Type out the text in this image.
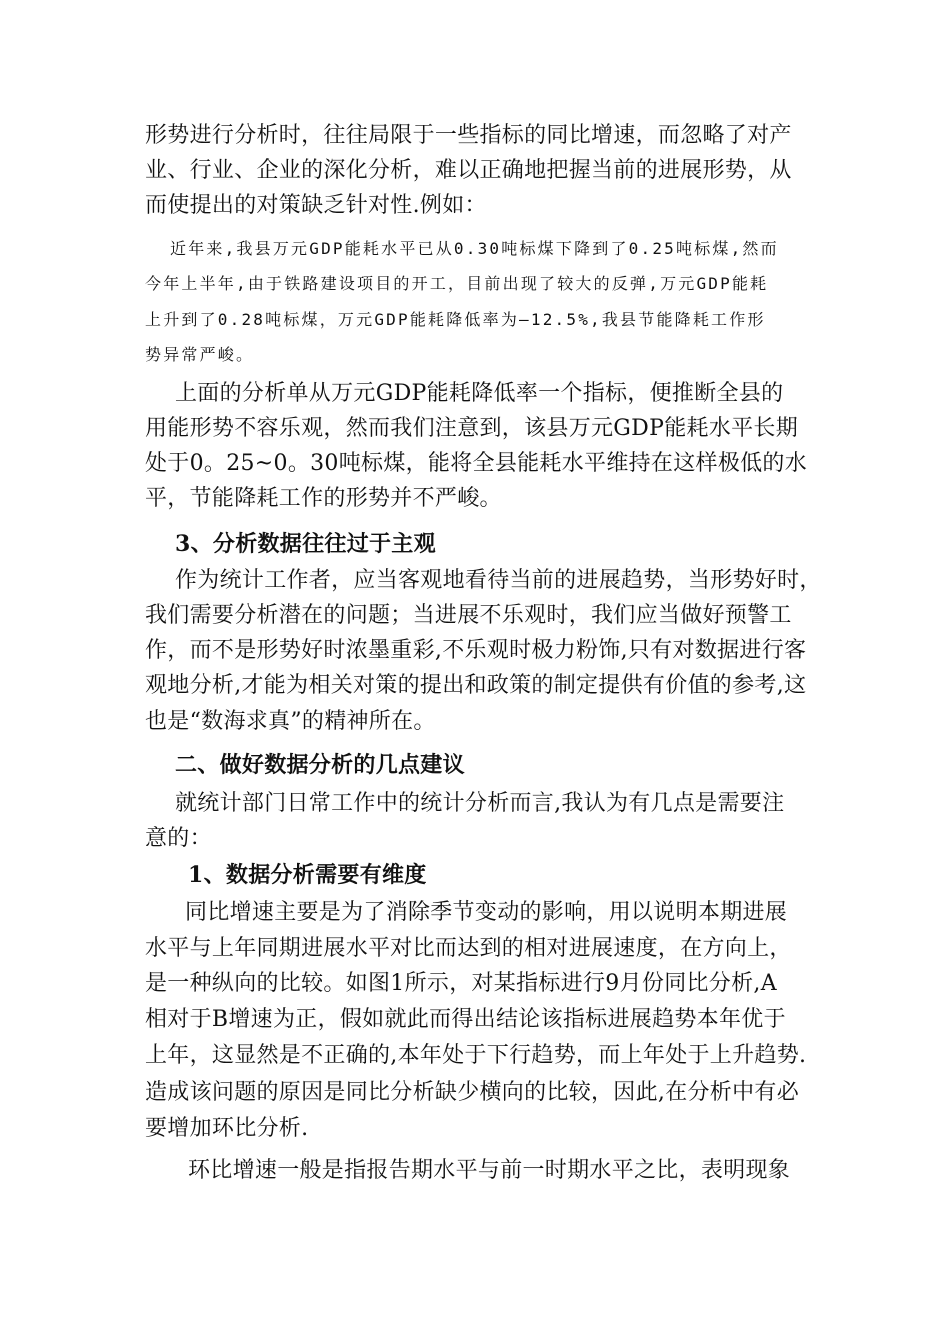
形势进行分析时，往往局限于一些指标的同比增速，而忽略了对产
业、行业、企业的深化分析，难以正确地把握当前的进展形势，从
而使提出的对策缺乏针对性.例如：
近年来,我县万元GDP能耗水平已从0.30吨标煤下降到了0.25吨标煤,然而
今年上半年,由于铁路建设项目的开工，目前出现了较大的反弹,万元GDP能耗
上升到了0.28吨标煤，万元GDP能耗降低率为—12.5%,我县节能降耗工作形
势异常严峻。
上面的分析单从万元GDP能耗降低率一个指标，便推断全县的
用能形势不容乐观，然而我们注意到，该县万元GDP能耗水平长期
处于0。25~0。30吨标煤，能将全县能耗水平维持在这样极低的水
平，节能降耗工作的形势并不严峻。
3、分析数据往往过于主观
作为统计工作者，应当客观地看待当前的进展趋势，当形势好时，
我们需要分析潜在的问题；当进展不乐观时，我们应当做好预警工
作，而不是形势好时浓墨重彩,不乐观时极力粉饰,只有对数据进行客
观地分析,才能为相关对策的提出和政策的制定提供有价值的参考,这
也是“数海求真”的精神所在。
二、做好数据分析的几点建议
就统计部门日常工作中的统计分析而言,我认为有几点是需要注
意的：
1、数据分析需要有维度
同比增速主要是为了消除季节变动的影响，用以说明本期进展
水平与上年同期进展水平对比而达到的相对进展速度，在方向上，
是一种纵向的比较。如图1所示，对某指标进行9月份同比分析,A
相对于B增速为正，假如就此而得出结论该指标进展趋势本年优于
上年，这显然是不正确的,本年处于下行趋势，而上年处于上升趋势.
造成该问题的原因是同比分析缺少横向的比较，因此,在分析中有必
要增加环比分析.
环比增速一般是指报告期水平与前一时期水平之比，表明现象
